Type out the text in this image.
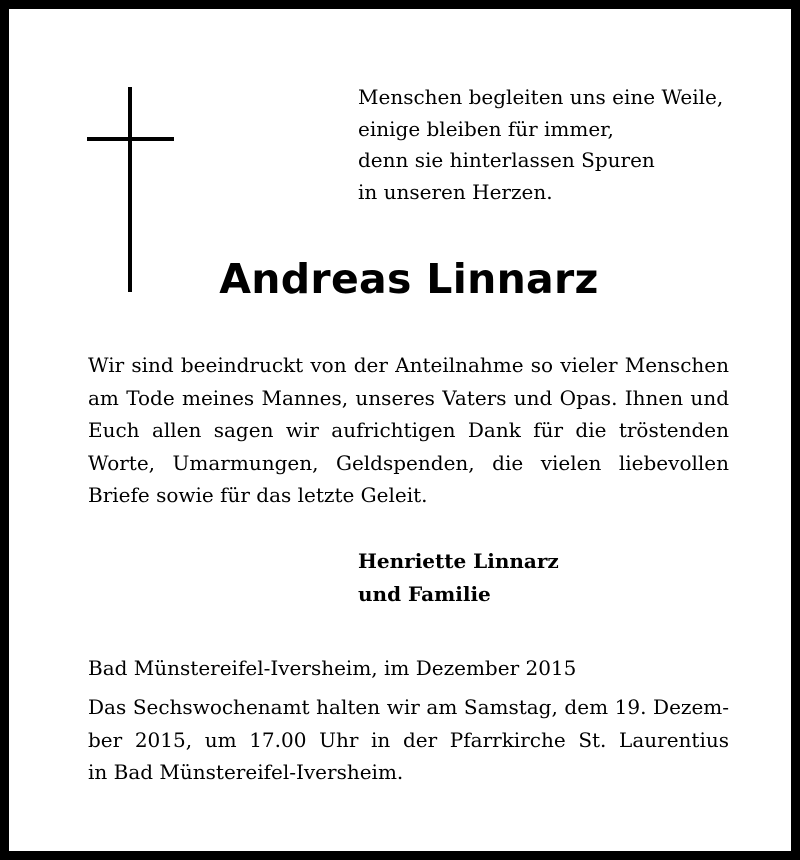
Menschen begleiten uns eine Weile,
einige bleiben für immer,
denn sie hinterlassen Spuren
in unseren Herzen.
Andreas Linnarz
Wir sind beeindruckt von der Anteilnahme so vieler Menschen
am Tode meines Mannes, unseres Vaters und Opas. Ihnen und
Euch allen sagen wir aufrichtigen Dank für die tröstenden
Worte, Umarmungen, Geldspenden, die vielen liebevollen
Briefe sowie für das letzte Geleit.
Henriette Linnarz
und Familie
Bad Münstereifel-Iversheim, im Dezember 2015
Das Sechswochenamt halten wir am Samstag, dem 19. Dezem-
ber 2015, um 17.00 Uhr in der Pfarrkirche St. Laurentius
in Bad Münstereifel-Iversheim.
